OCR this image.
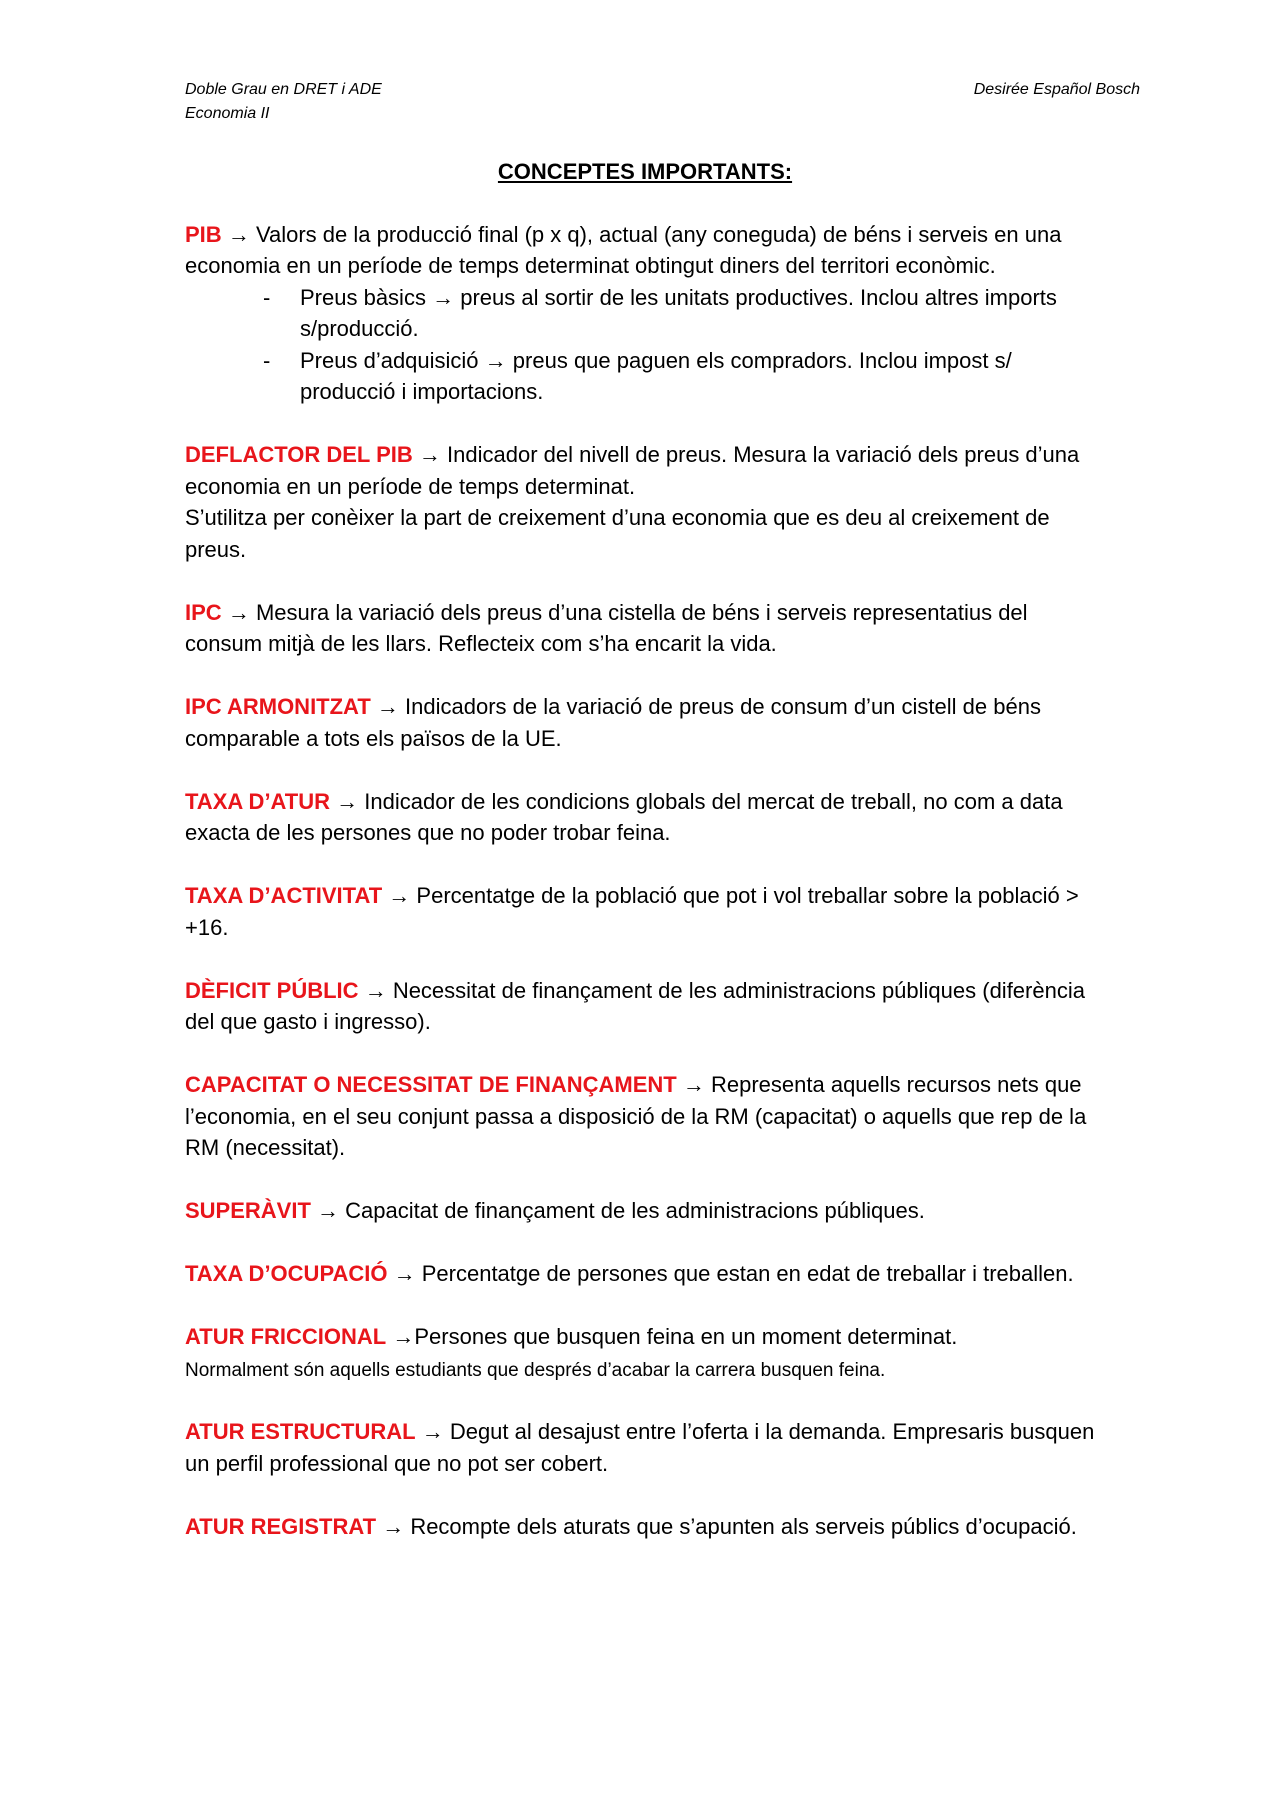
Doble Grau en DRET i ADE
Economia II
Desirée Español Bosch
CONCEPTES IMPORTANTS:
PIB → Valors de la producció final (p x q), actual (any coneguda) de béns i serveis en una economia en un període de temps determinat obtingut diners del territori econòmic.
- Preus bàsics → preus al sortir de les unitats productives. Inclou altres imports s/producció.
- Preus d’adquisició → preus que paguen els compradors. Inclou impost s/ producció i importacions.
DEFLACTOR DEL PIB → Indicador del nivell de preus. Mesura la variació dels preus d’una economia en un període de temps determinat.
S’utilitza per conèixer la part de creixement d’una economia que es deu al creixement de preus.
IPC → Mesura la variació dels preus d’una cistella de béns i serveis representatius del consum mitjà de les llars. Reflecteix com s’ha encarit la vida.
IPC ARMONITZAT → Indicadors de la variació de preus de consum d’un cistell de béns comparable a tots els països de la UE.
TAXA D’ATUR → Indicador de les condicions globals del mercat de treball, no com a data exacta de les persones que no poder trobar feina.
TAXA D’ACTIVITAT → Percentatge de la població que pot i vol treballar sobre la població > +16.
DÈFICIT PÚBLIC → Necessitat de finançament de les administracions públiques (diferència del que gasto i ingresso).
CAPACITAT O NECESSITAT DE FINANÇAMENT → Representa aquells recursos nets que l’economia, en el seu conjunt passa a disposició de la RM (capacitat) o aquells que rep de la RM (necessitat).
SUPERÀVIT → Capacitat de finançament de les administracions públiques.
TAXA D’OCUPACIÓ → Percentatge de persones que estan en edat de treballar i treballen.
ATUR FRICCIONAL →Persones que busquen feina en un moment determinat.
Normalment són aquells estudiants que després d’acabar la carrera busquen feina.
ATUR ESTRUCTURAL → Degut al desajust entre l’oferta i la demanda. Empresaris busquen un perfil professional que no pot ser cobert.
ATUR REGISTRAT → Recompte dels aturats que s’apunten als serveis públics d’ocupació.
